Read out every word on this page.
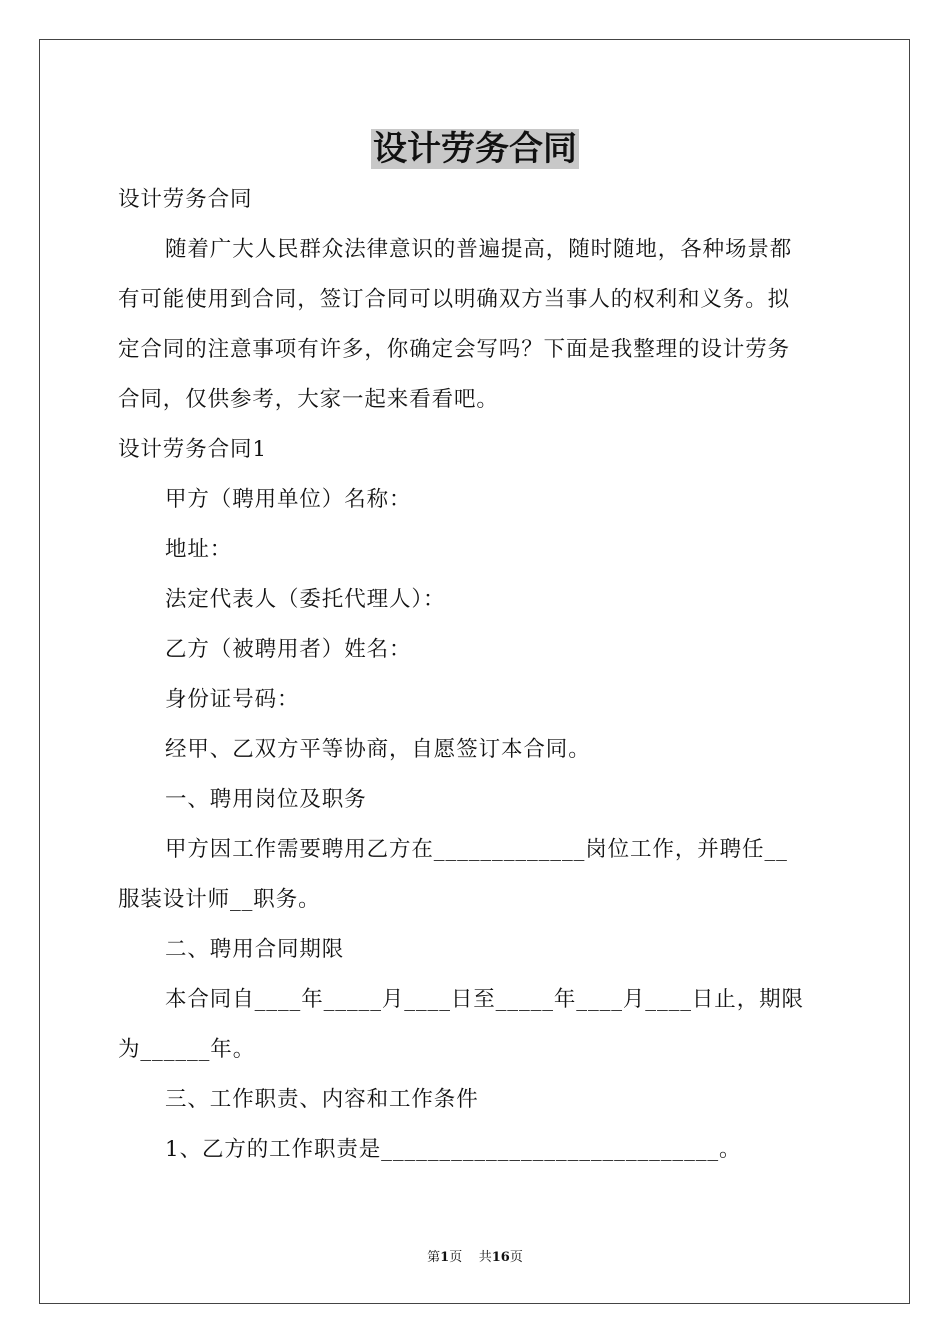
设计劳务合同

设计劳务合同

随着广大人民群众法律意识的普遍提高，随时随地，各种场景都

有可能使用到合同，签订合同可以明确双方当事人的权利和义务。拟

定合同的注意事项有许多，你确定会写吗？下面是我整理的设计劳务

合同，仅供参考，大家一起来看看吧。

设计劳务合同1

甲方（聘用单位）名称：

地址：

法定代表人（委托代理人）：

乙方（被聘用者）姓名：

身份证号码：

经甲、乙双方平等协商，自愿签订本合同。

一、聘用岗位及职务

甲方因工作需要聘用乙方在_____________岗位工作，并聘任__

服装设计师__职务。

二、聘用合同期限

本合同自____年_____月____日至_____年____月____日止，期限

为______年。

三、工作职责、内容和工作条件

1、乙方的工作职责是_____________________________。

第1页 共16页
